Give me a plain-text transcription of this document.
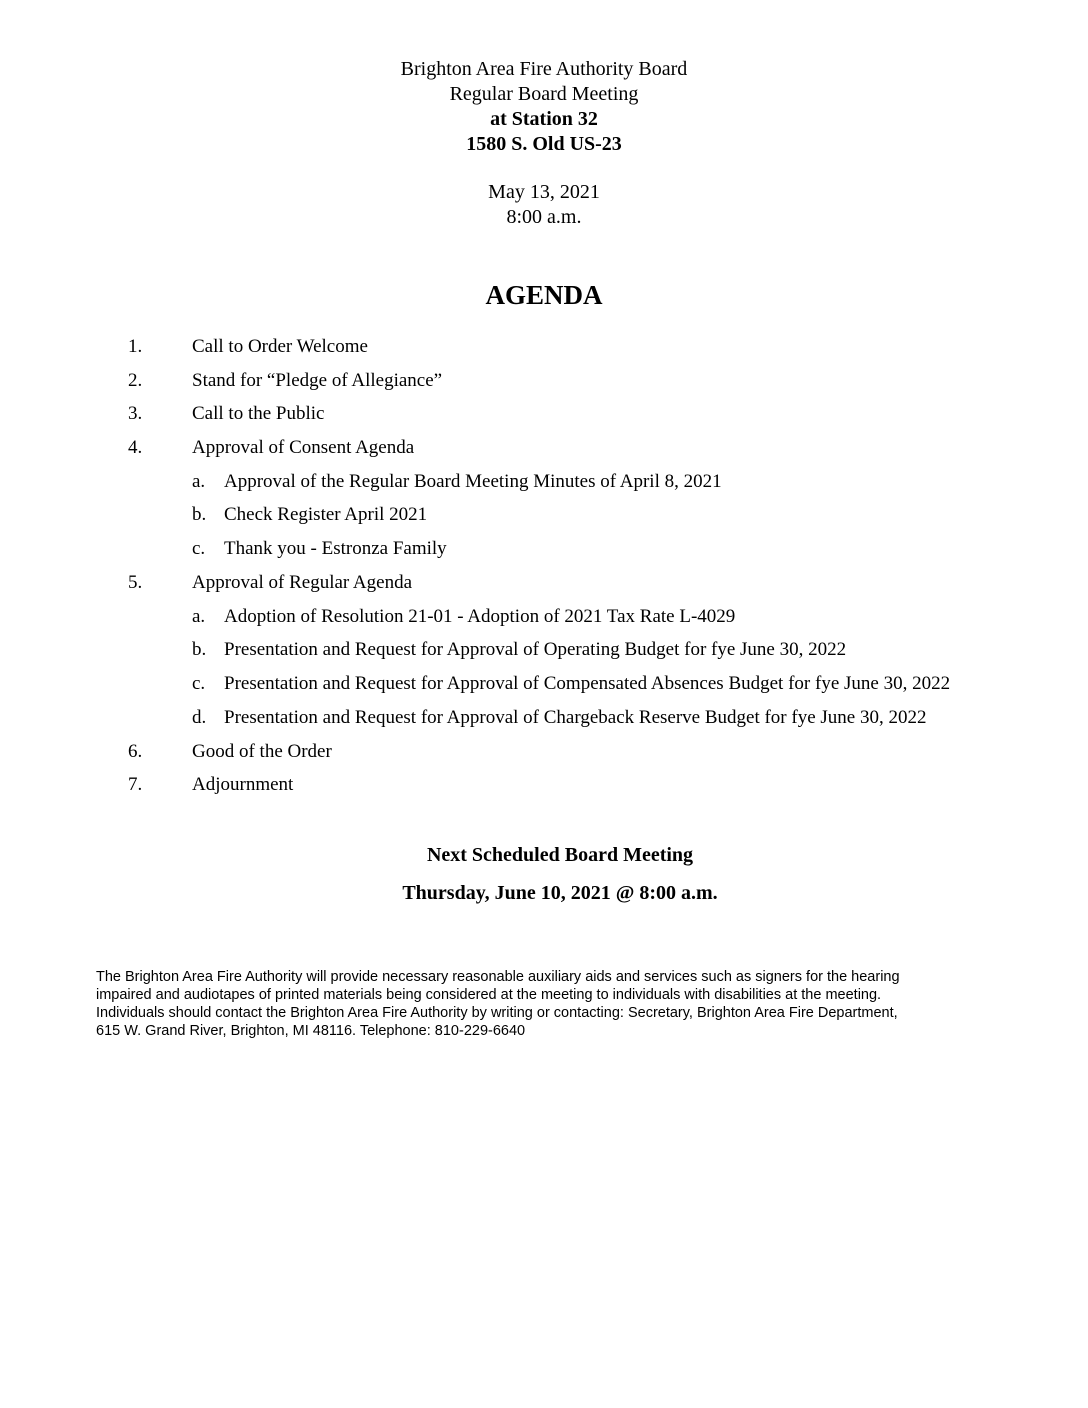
Brighton Area Fire Authority Board
Regular Board Meeting
at Station 32
1580 S. Old US-23
May 13, 2021
8:00 a.m.
AGENDA
1.	Call to Order Welcome
2.	Stand for “Pledge of Allegiance”
3.	Call to the Public
4.	Approval of Consent Agenda
a. Approval of the Regular Board Meeting Minutes of April 8, 2021
b. Check Register April 2021
c. Thank you - Estronza Family
5.	Approval of Regular Agenda
a. Adoption of Resolution 21-01 - Adoption of 2021 Tax Rate L-4029
b. Presentation and Request for Approval of Operating Budget for fye June 30, 2022
c. Presentation and Request for Approval of Compensated Absences Budget for fye June 30, 2022
d. Presentation and Request for Approval of Chargeback Reserve Budget for fye June 30, 2022
6.	Good of the Order
7.	Adjournment
Next Scheduled Board Meeting
Thursday, June 10, 2021 @ 8:00 a.m.
The Brighton Area Fire Authority will provide necessary reasonable auxiliary aids and services such as signers for the hearing
impaired and audiotapes of printed materials being considered at the meeting to individuals with disabilities at the meeting.
Individuals should contact the Brighton Area Fire Authority by writing or contacting: Secretary, Brighton Area Fire Department,
615 W. Grand River, Brighton, MI 48116. Telephone: 810-229-6640
